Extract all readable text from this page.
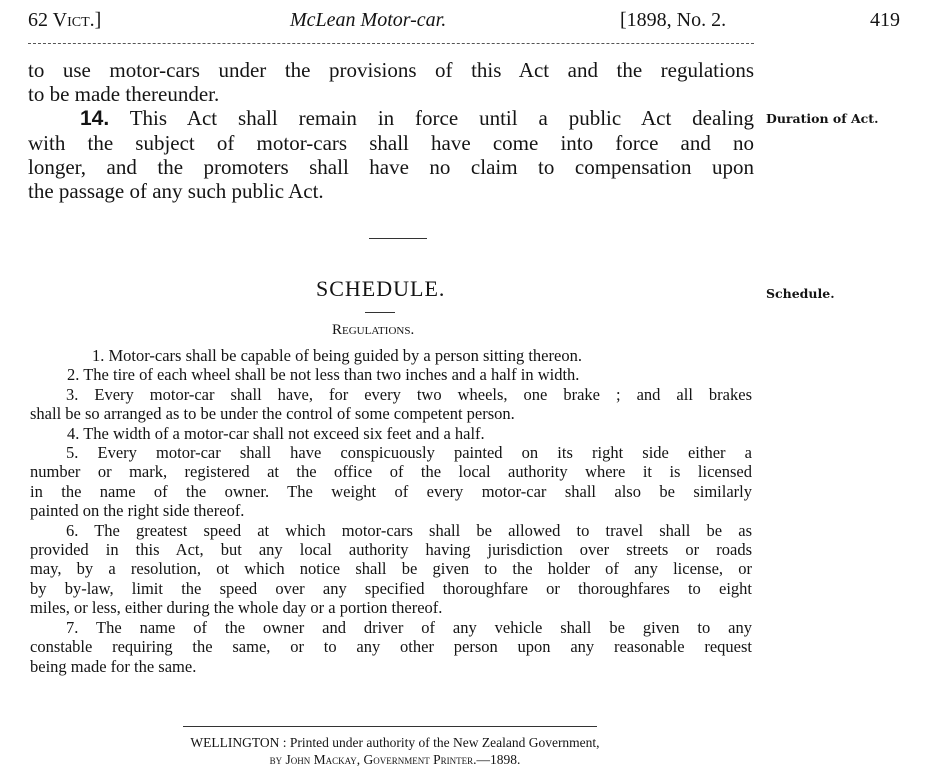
62 Vict.]	McLean Motor-car.	[1898, No. 2.	419
to use motor-cars under the provisions of this Act and the regulations
to be made thereunder.
14. This Act shall remain in force until a public Act dealing
with the subject of motor-cars shall have come into force and no
longer, and the promoters shall have no claim to compensation upon
the passage of any such public Act.
Duration of Act.
SCHEDULE.	Schedule.
Regulations.
1. Motor-cars shall be capable of being guided by a person sitting thereon.
2. The tire of each wheel shall be not less than two inches and a half in width.
3. Every motor-car shall have, for every two wheels, one brake ; and all brakes
shall be so arranged as to be under the control of some competent person.
4. The width of a motor-car shall not exceed six feet and a half.
5. Every motor-car shall have conspicuously painted on its right side either a
number or mark, registered at the office of the local authority where it is licensed
in the name of the owner. The weight of every motor-car shall also be similarly
painted on the right side thereof.
6. The greatest speed at which motor-cars shall be allowed to travel shall be as
provided in this Act, but any local authority having jurisdiction over streets or roads
may, by a resolution, ot which notice shall be given to the holder of any license, or
by by-law, limit the speed over any specified thoroughfare or thoroughfares to eight
miles, or less, either during the whole day or a portion thereof.
7. The name of the owner and driver of any vehicle shall be given to any
constable requiring the same, or to any other person upon any reasonable request
being made for the same.
WELLINGTON : Printed under authority of the New Zealand Government,
by John Mackay, Government Printer.—1898.
